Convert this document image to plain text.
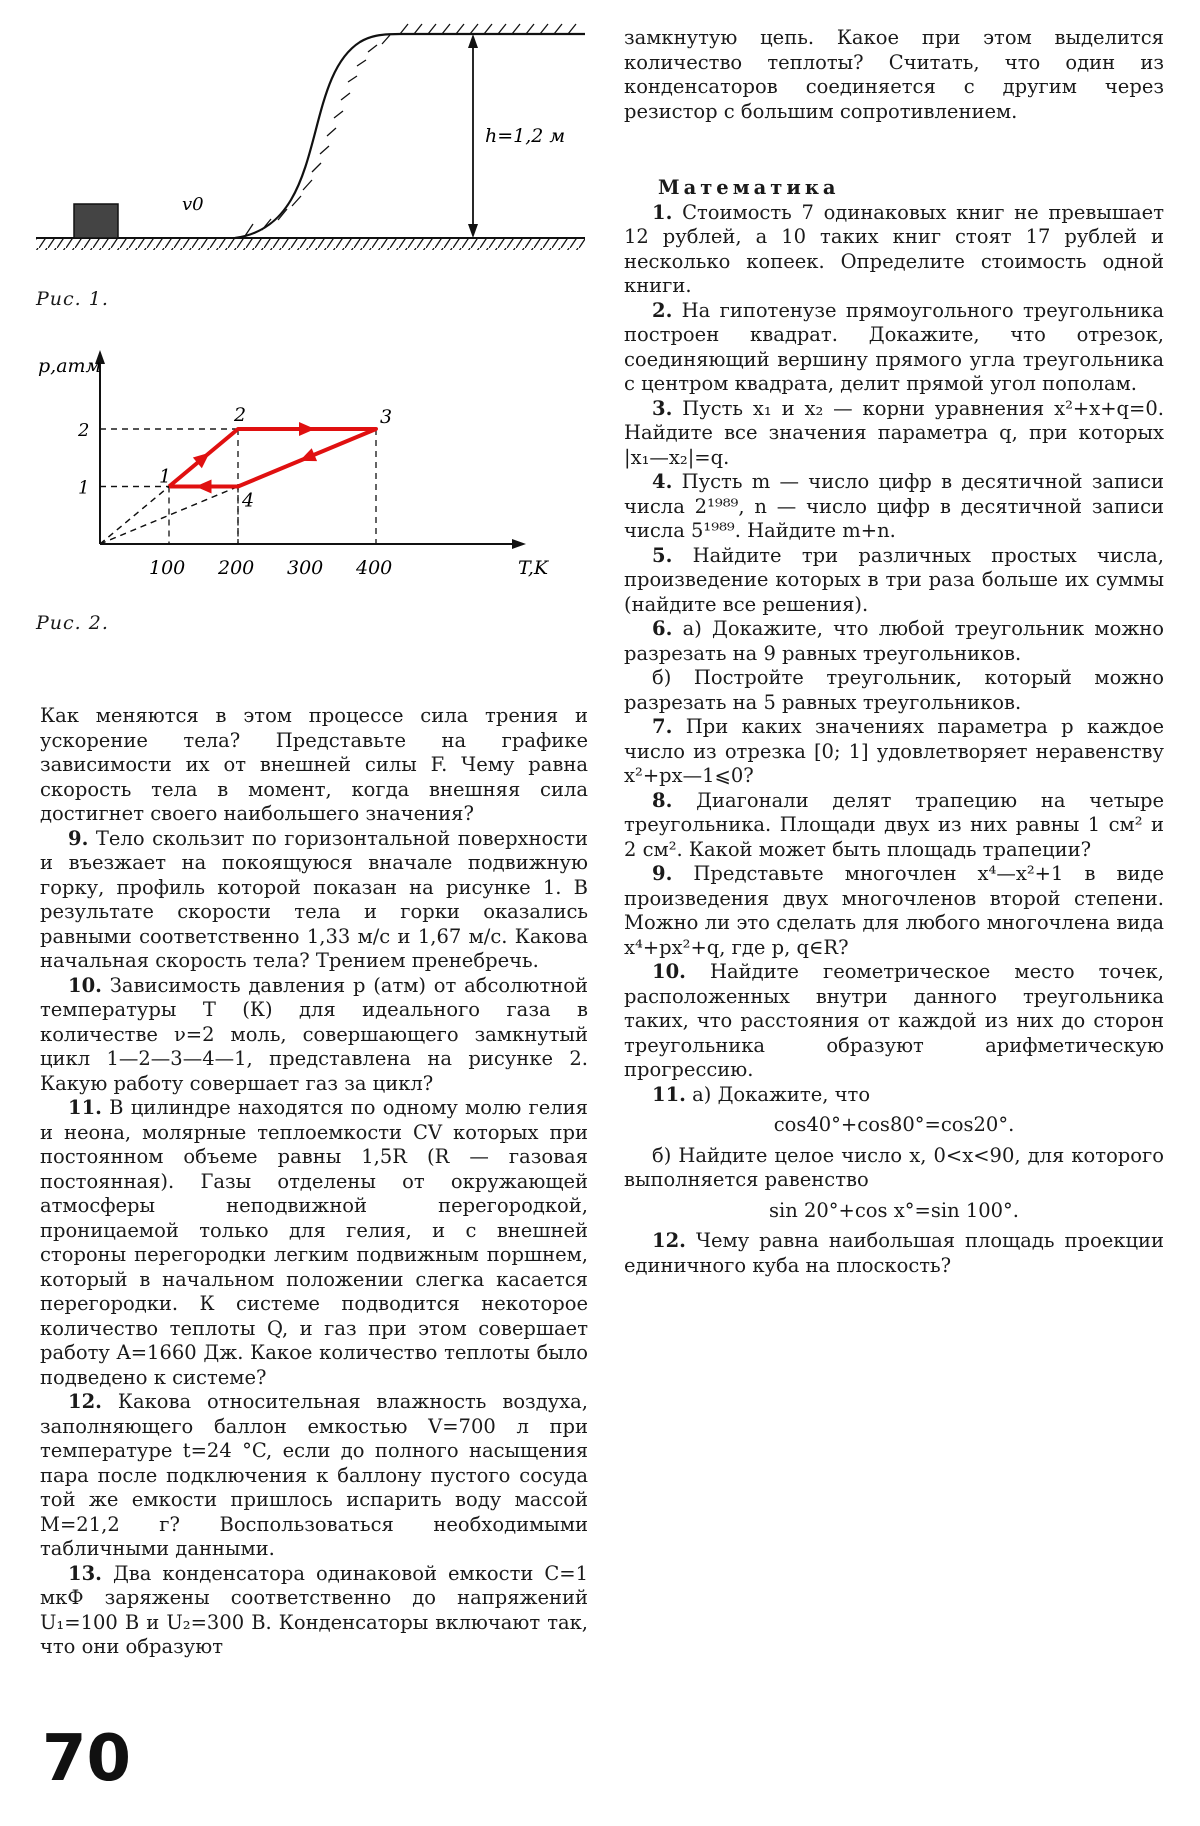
v0
h=1,2 м
Рис. 1.
p,атм
T,K
1
2
100 200 300 400
1
2	3
4
Рис. 2.

Как меняются в этом процессе сила трения и ускорение тела? Представьте на графике зависимости их от внешней силы F. Чему равна скорость тела в момент, когда внешняя сила достигнет своего наибольшего значения?

9. Тело скользит по горизонтальной поверхности и въезжает на покоящуюся вначале подвижную горку, профиль которой показан на рисунке 1. В результате скорости тела и горки оказались равными соответственно 1,33 м/с и 1,67 м/с. Какова начальная скорость тела? Трением пренебречь.

10. Зависимость давления p (атм) от абсолютной температуры T (К) для идеального газа в количестве ν=2 моль, совершающего замкнутый цикл 1—2—3—4—1, представлена на рисунке 2. Какую работу совершает газ за цикл?

11. В цилиндре находятся по одному молю гелия и неона, молярные теплоемкости CV которых при постоянном объеме равны 1,5R (R — газовая постоянная). Газы отделены от окружающей атмосферы неподвижной перегородкой, проницаемой только для гелия, и с внешней стороны перегородки легким подвижным поршнем, который в начальном положении слегка касается перегородки. К системе подводится некоторое количество теплоты Q, и газ при этом совершает работу A=1660 Дж. Какое количество теплоты было подведено к системе?

12. Какова относительная влажность воздуха, заполняющего баллон емкостью V=700 л при температуре t=24 °C, если до полного насыщения пара после подключения к баллону пустого сосуда той же емкости пришлось испарить воду массой M=21,2 г? Воспользоваться необходимыми табличными данными.

13. Два конденсатора одинаковой емкости C=1 мкФ заряжены соответственно до напряжений U₁=100 В и U₂=300 В. Конденсаторы включают так, что они образуют

замкнутую цепь. Какое при этом выделится количество теплоты? Считать, что один из конденсаторов соединяется с другим через резистор с большим сопротивлением.

Математика

1. Стоимость 7 одинаковых книг не превышает 12 рублей, а 10 таких книг стоят 17 рублей и несколько копеек. Определите стоимость одной книги.

2. На гипотенузе прямоугольного треугольника построен квадрат. Докажите, что отрезок, соединяющий вершину прямого угла треугольника с центром квадрата, делит прямой угол пополам.

3. Пусть x₁ и x₂ — корни уравнения x²+x+q=0. Найдите все значения параметра q, при которых |x₁—x₂|=q.

4. Пусть m — число цифр в десятичной записи числа 2¹⁹⁸⁹, n — число цифр в десятичной записи числа 5¹⁹⁸⁹. Найдите m+n.

5. Найдите три различных простых числа, произведение которых в три раза больше их суммы (найдите все решения).

6. а) Докажите, что любой треугольник можно разрезать на 9 равных треугольников.

б) Постройте треугольник, который можно разрезать на 5 равных треугольников.

7. При каких значениях параметра p каждое число из отрезка [0; 1] удовлетворяет неравенству x²+px—1⩽0?

8. Диагонали делят трапецию на четыре треугольника. Площади двух из них равны 1 см² и 2 см². Какой может быть площадь трапеции?

9. Представьте многочлен x⁴—x²+1 в виде произведения двух многочленов второй степени. Можно ли это сделать для любого многочлена вида x⁴+px²+q, где p, q∈R?

10. Найдите геометрическое место точек, расположенных внутри данного треугольника таких, что расстояния от каждой из них до сторон треугольника образуют арифметическую прогрессию.

11. а) Докажите, что

cos40°+cos80°=cos20°.

б) Найдите целое число x, 0<x<90, для которого выполняется равенство

sin 20°+cos x°=sin 100°.

12. Чему равна наибольшая площадь проекции единичного куба на плоскость?

70
